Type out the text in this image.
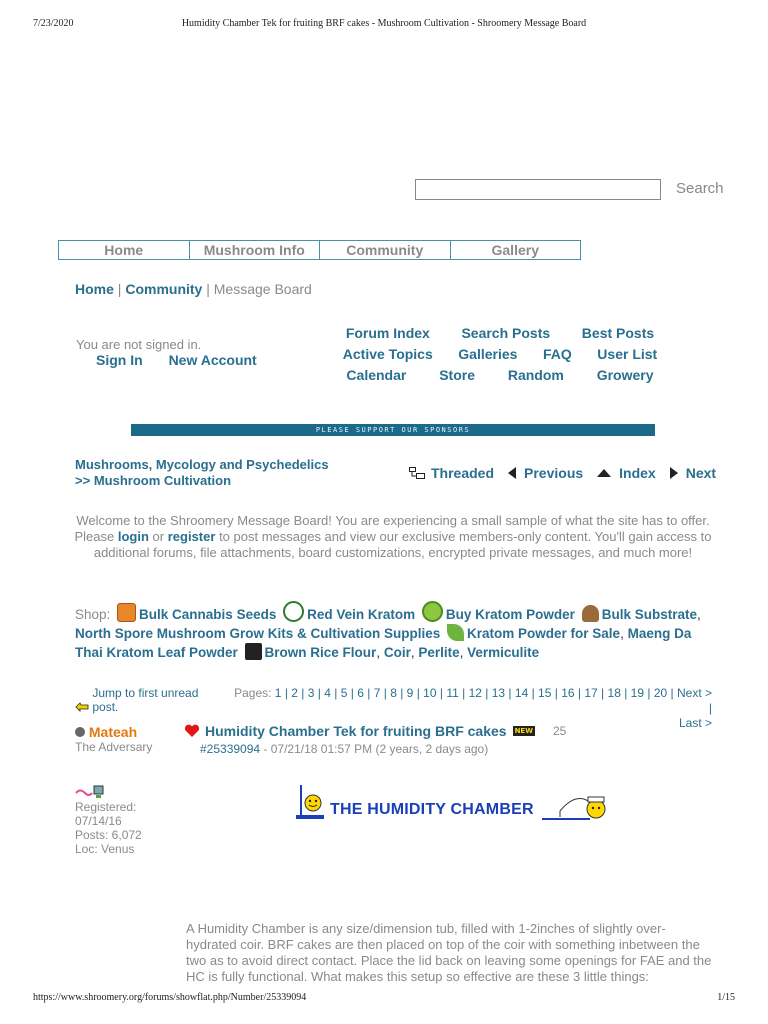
7/23/2020	Humidity Chamber Tek for fruiting BRF cakes - Mushroom Cultivation - Shroomery Message Board
Search
Home	Mushroom Info	Community	Gallery
Home | Community | Message Board
You are not signed in.
Sign In New Account
Forum Index Search Posts Best Posts
Active Topics Galleries FAQ User List
Calendar Store Random Growery
PLEASE SUPPORT OUR SPONSORS
Mushrooms, Mycology and Psychedelics
>> Mushroom Cultivation	Threaded Previous	Index Next
Welcome to the Shroomery Message Board! You are experiencing a small sample of what the site has to offer. Please login or register to post messages and view our exclusive members-only content. You'll gain access to additional forums, file attachments, board customizations, encrypted private messages, and much more!
Shop: Bulk Cannabis Seeds Red Vein Kratom Buy Kratom Powder Bulk Substrate, North Spore Mushroom Grow Kits & Cultivation Supplies Kratom Powder for Sale, Maeng Da Thai Kratom Leaf Powder Brown Rice Flour, Coir, Perlite, Vermiculite
Jump to first unread post.
Pages: 1 | 2 | 3 | 4 | 5 | 6 | 7 | 8 | 9 | 10 | 11 | 12 | 13 | 14 | 15 | 16 | 17 | 18 | 19 | 20 | Next > |
Last >
Mateah
The Adversary
Humidity Chamber Tek for fruiting BRF cakes NEW 25
#25339094 - 07/21/18 01:57 PM (2 years, 2 days ago)
Registered:
07/14/16
Posts: 6,072
Loc: Venus
THE HUMIDITY CHAMBER
A Humidity Chamber is any size/dimension tub, filled with 1-2inches of slightly over-hydrated coir. BRF cakes are then placed on top of the coir with something inbetween the two as to avoid direct contact. Place the lid back on leaving some openings for FAE and the HC is fully functional. What makes this setup so effective are these 3 little things:
https://www.shroomery.org/forums/showflat.php/Number/25339094	1/15
